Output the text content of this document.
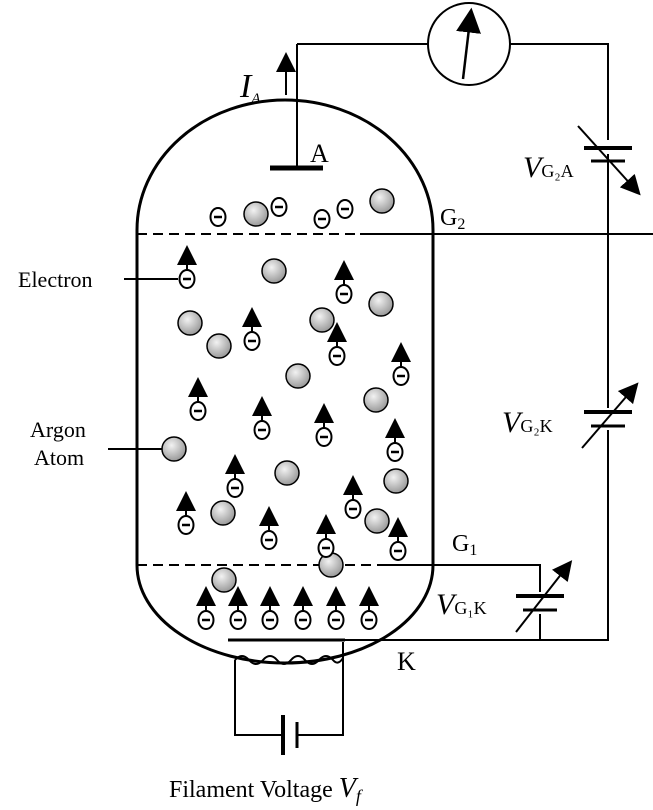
IA
A
G2
G1
K
Electron
Argon
Atom
VG₂A
VG₂K
VG₁K
Filament Voltage $V_f$
